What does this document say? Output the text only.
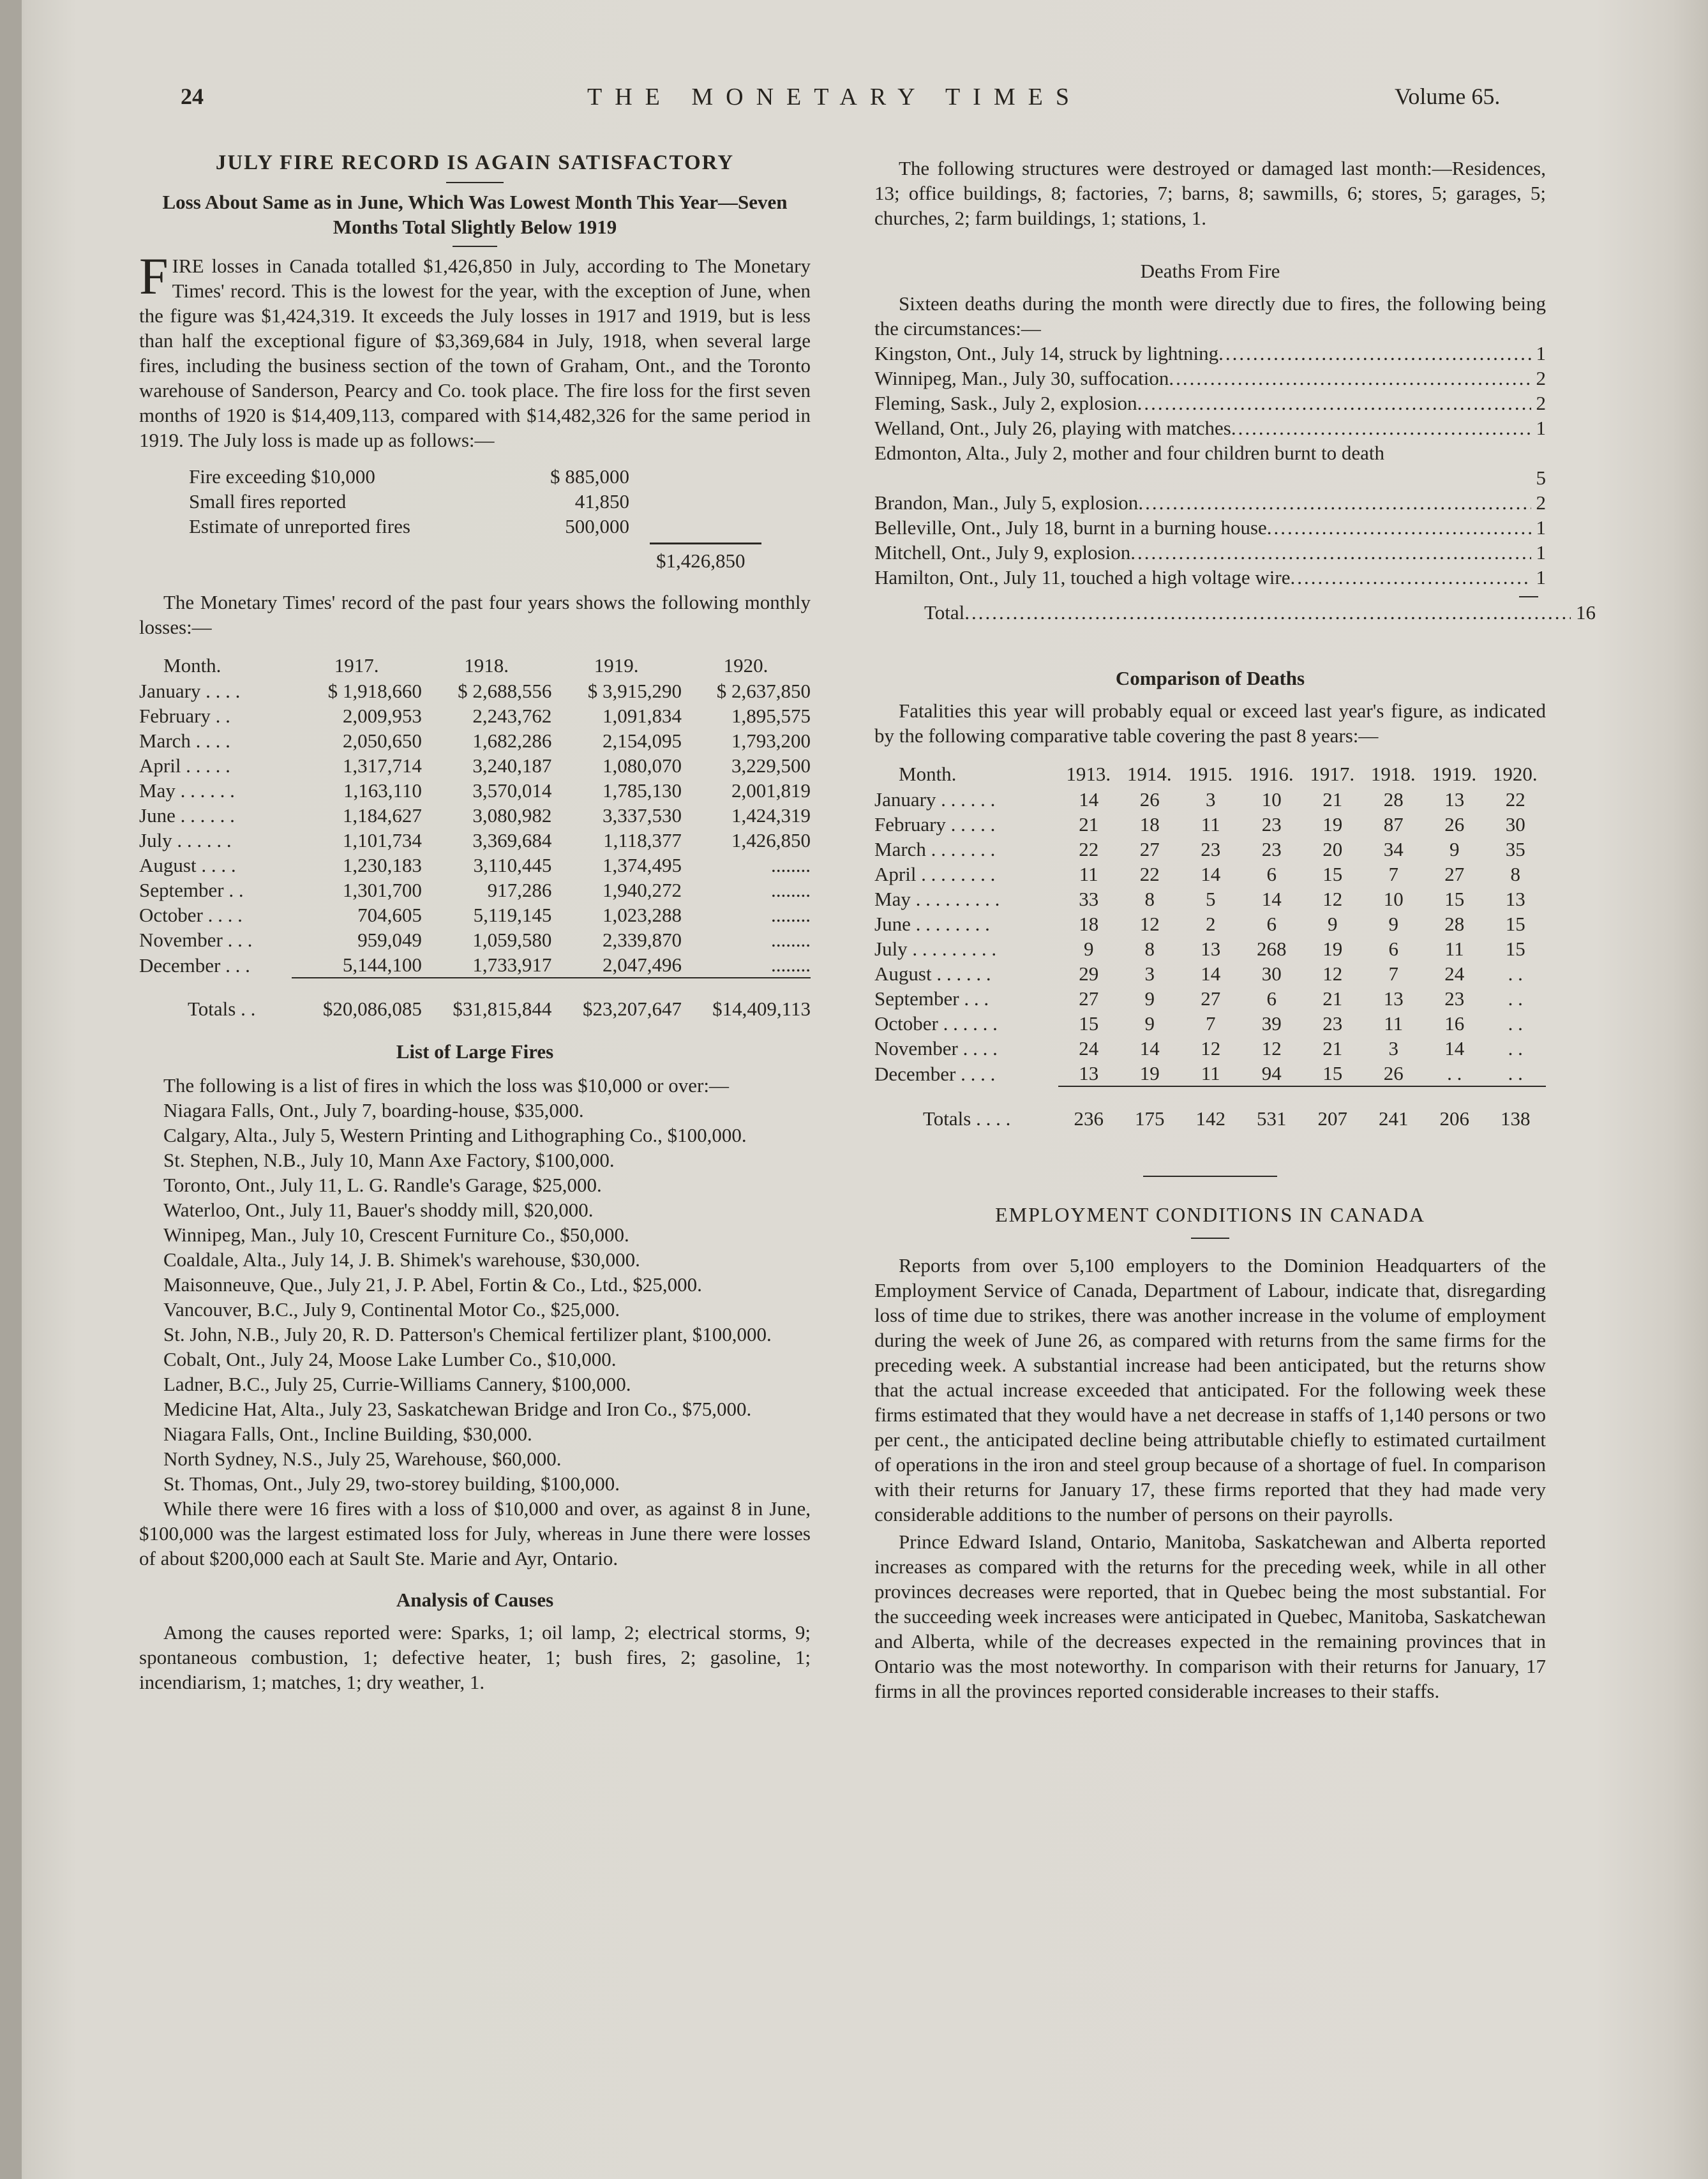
24	THE MONETARY TIMES	Volume 65.

JULY FIRE RECORD IS AGAIN SATISFACTORY

Loss About Same as in June, Which Was Lowest Month This Year—Seven Months Total Slightly Below 1919

FIRE losses in Canada totalled $1,426,850 in July, according to The Monetary Times' record. This is the lowest for the year, with the exception of June, when the figure was $1,424,319. It exceeds the July losses in 1917 and 1919, but is less than half the exceptional figure of $3,369,684 in July, 1918, when several large fires, including the business section of the town of Graham, Ont., and the Toronto warehouse of Sanderson, Pearcy and Co. took place. The fire loss for the first seven months of 1920 is $14,409,113, compared with $14,482,326 for the same period in 1919. The July loss is made up as follows:—

Fire exceeding $10,000	$ 885,000
Small fires reported	41,850
Estimate of unreported fires	500,000
$1,426,850

The Monetary Times' record of the past four years shows the following monthly losses:—

Month.	1917.	1918.	1919.	1920.
January . . . .	$ 1,918,660	$ 2,688,556	$ 3,915,290	$ 2,637,850
February . .	2,009,953	2,243,762	1,091,834	1,895,575
March . . . .	2,050,650	1,682,286	2,154,095	1,793,200
April . . . . .	1,317,714	3,240,187	1,080,070	3,229,500
May . . . . . .	1,163,110	3,570,014	1,785,130	2,001,819
June . . . . . .	1,184,627	3,080,982	3,337,530	1,424,319
July . . . . . .	1,101,734	3,369,684	1,118,377	1,426,850
August . . . .	1,230,183	3,110,445	1,374,495	........
September . .	1,301,700	917,286	1,940,272	........
October . . . .	704,605	5,119,145	1,023,288	........
November . . .	959,049	1,059,580	2,339,870	........
December . . .	5,144,100	1,733,917	2,047,496	........
Totals . .	$20,086,085	$31,815,844	$23,207,647	$14,409,113

List of Large Fires

The following is a list of fires in which the loss was $10,000 or over:—

Niagara Falls, Ont., July 7, boarding-house, $35,000.

Calgary, Alta., July 5, Western Printing and Lithographing Co., $100,000.

St. Stephen, N.B., July 10, Mann Axe Factory, $100,000.

Toronto, Ont., July 11, L. G. Randle's Garage, $25,000.

Waterloo, Ont., July 11, Bauer's shoddy mill, $20,000.

Winnipeg, Man., July 10, Crescent Furniture Co., $50,000.

Coaldale, Alta., July 14, J. B. Shimek's warehouse, $30,000.

Maisonneuve, Que., July 21, J. P. Abel, Fortin & Co., Ltd., $25,000.

Vancouver, B.C., July 9, Continental Motor Co., $25,000.

St. John, N.B., July 20, R. D. Patterson's Chemical fertilizer plant, $100,000.

Cobalt, Ont., July 24, Moose Lake Lumber Co., $10,000.

Ladner, B.C., July 25, Currie-Williams Cannery, $100,000.

Medicine Hat, Alta., July 23, Saskatchewan Bridge and Iron Co., $75,000.

Niagara Falls, Ont., Incline Building, $30,000.

North Sydney, N.S., July 25, Warehouse, $60,000.

St. Thomas, Ont., July 29, two-storey building, $100,000.

While there were 16 fires with a loss of $10,000 and over, as against 8 in June, $100,000 was the largest estimated loss for July, whereas in June there were losses of about $200,000 each at Sault Ste. Marie and Ayr, Ontario.

Analysis of Causes

Among the causes reported were: Sparks, 1; oil lamp, 2; electrical storms, 9; spontaneous combustion, 1; defective heater, 1; bush fires, 2; gasoline, 1; incendiarism, 1; matches, 1; dry weather, 1.

The following structures were destroyed or damaged last month:—Residences, 13; office buildings, 8; factories, 7; barns, 8; sawmills, 6; stores, 5; garages, 5; churches, 2; farm buildings, 1; stations, 1.

Deaths From Fire

Sixteen deaths during the month were directly due to fires, the following being the circumstances:—

Kingston, Ont., July 14, struck by lightning .....	1
Winnipeg, Man., July 30, suffocation .....	2
Fleming, Sask., July 2, explosion .....	2
Welland, Ont., July 26, playing with matches .....	1
Edmonton, Alta., July 2, mother and four children burnt to death
5
Brandon, Man., July 5, explosion .....	2
Belleville, Ont., July 18, burnt in a burning house .....	1
Mitchell, Ont., July 9, explosion .....	1
Hamilton, Ont., July 11, touched a high voltage wire .....	1
Total .....	16

Comparison of Deaths

Fatalities this year will probably equal or exceed last year's figure, as indicated by the following comparative table covering the past 8 years:—

Month.	1913.	1914.	1915.	1916.	1917.	1918.	1919.	1920.
January . . . . . .	14	26	3	10	21	28	13	22
February . . . . .	21	18	11	23	19	87	26	30
March . . . . . . .	22	27	23	23	20	34	9	35
April . . . . . . . .	11	22	14	6	15	7	27	8
May . . . . . . . . .	33	8	5	14	12	10	15	13
June . . . . . . . .	18	12	2	6	9	9	28	15
July . . . . . . . . .	9	8	13	268	19	6	11	15
August . . . . . .	29	3	14	30	12	7	24	. .
September . . .	27	9	27	6	21	13	23	. .
October . . . . . .	15	9	7	39	23	11	16	. .
November . . . .	24	14	12	12	21	3	14	. .
December . . . .	13	19	11	94	15	26	. .	. .
Totals . . . .	236	175	142	531	207	241	206	138

EMPLOYMENT CONDITIONS IN CANADA

Reports from over 5,100 employers to the Dominion Headquarters of the Employment Service of Canada, Department of Labour, indicate that, disregarding loss of time due to strikes, there was another increase in the volume of employment during the week of June 26, as compared with returns from the same firms for the preceding week. A substantial increase had been anticipated, but the returns show that the actual increase exceeded that anticipated. For the following week these firms estimated that they would have a net decrease in staffs of 1,140 persons or two per cent., the anticipated decline being attributable chiefly to estimated curtailment of operations in the iron and steel group because of a shortage of fuel. In comparison with their returns for January 17, these firms reported that they had made very considerable additions to the number of persons on their payrolls.

Prince Edward Island, Ontario, Manitoba, Saskatchewan and Alberta reported increases as compared with the returns for the preceding week, while in all other provinces decreases were reported, that in Quebec being the most substantial. For the succeeding week increases were anticipated in Quebec, Manitoba, Saskatchewan and Alberta, while of the decreases expected in the remaining provinces that in Ontario was the most noteworthy. In comparison with their returns for January, 17 firms in all the provinces reported considerable increases to their staffs.
